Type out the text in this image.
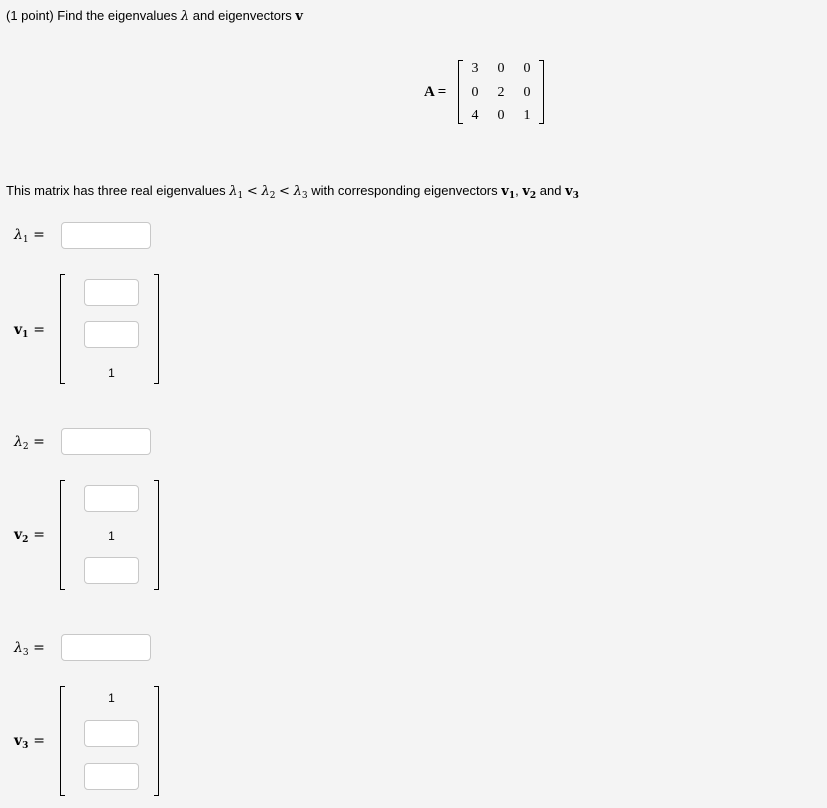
(1 point) Find the eigenvalues λ and eigenvectors v
A =
3 0 0
0 2 0
4 0 1
This matrix has three real eigenvalues $\lambda_1 < \lambda_2 < \lambda_3$ with corresponding eigenvectors $v_1$, $v_2$ and $v_3$
$\lambda_1$ =
$v_1$ =
1
$\lambda_2$ =
$v_2$ =	1
$\lambda_3$ =
$v_3$ =
1
